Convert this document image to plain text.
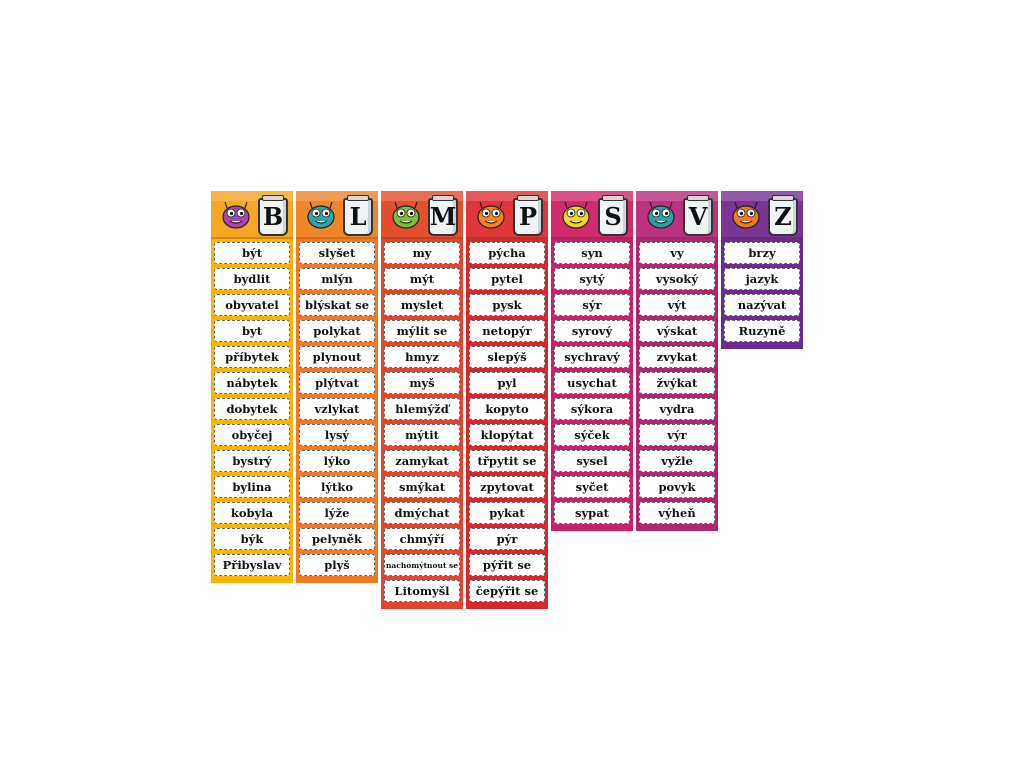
B
být
bydlit
obyvatel
byt
příbytek
nábytek
dobytek
obyčej
bystrý
bylina
kobyla
býk
Přibyslav
L
slyšet
mlýn
blýskat se
polykat
plynout
plýtvat
vzlykat
lysý
lýko
lýtko
lýže
pelyněk
plyš
M
my
mýt
myslet
mýlit se
hmyz
myš
hlemýžď
mýtit
zamykat
smýkat
dmýchat
chmýří
nachomýtnout se
Litomyšl
P
pýcha
pytel
pysk
netopýr
slepýš
pyl
kopyto
klopýtat
třpytit se
zpytovat
pykat
pýr
pýřit se
čepýřit se
S
syn
sytý
sýr
syrový
sychravý
usychat
sýkora
sýček
sysel
syčet
sypat
V
vy
vysoký
výt
výskat
zvykat
žvýkat
vydra
výr
vyžle
povyk
výheň
Z
brzy
jazyk
nazývat
Ruzyně
